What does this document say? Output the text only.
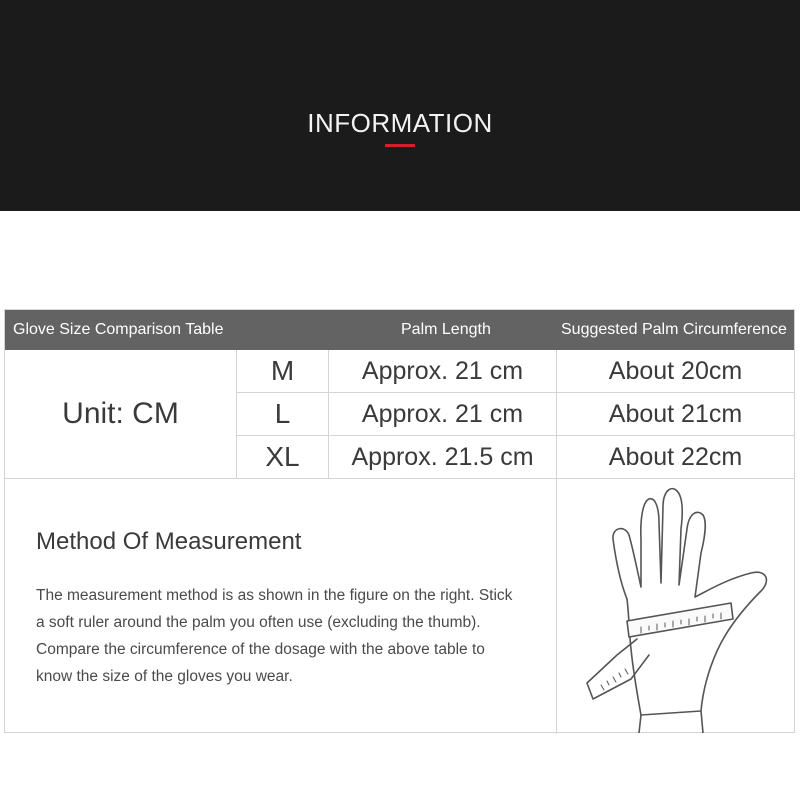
INFORMATION
Glove Size Comparison Table	Palm Length	Suggested Palm Circumference
Unit: CM
M	Approx. 21 cm	About 20cm
L	Approx. 21 cm	About 21cm
XL	Approx. 21.5 cm	About 22cm
Method Of Measurement
The measurement method is as shown in the figure on the right. Stick
a soft ruler around the palm you often use (excluding the thumb).
Compare the circumference of the dosage with the above table to
know the size of the gloves you wear.
